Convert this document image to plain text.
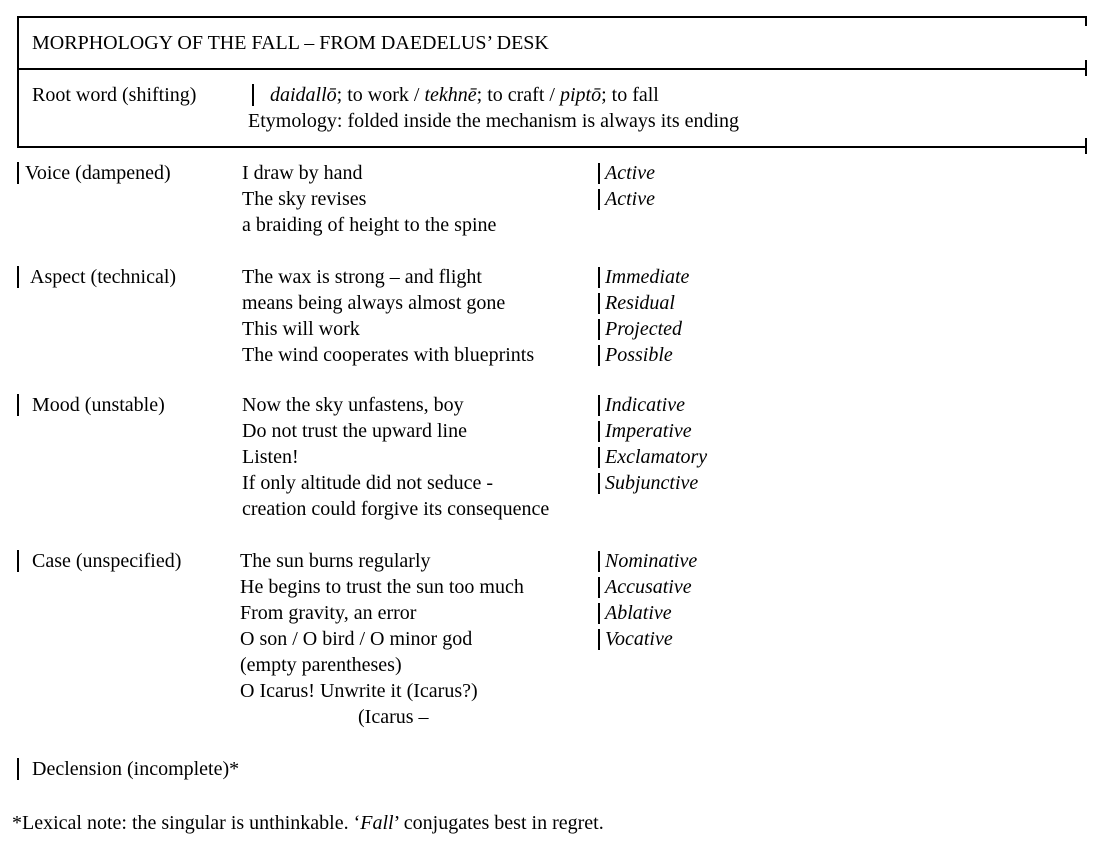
MORPHOLOGY OF THE FALL – FROM DAEDELUS’ DESK
Root word (shifting)	daidallō; to work / tekhnē; to craft / piptō; to fall
Etymology: folded inside the mechanism is always its ending
Voice (dampened)	I draw by hand	Active
The sky revises	Active
a braiding of height to the spine
Aspect (technical)	The wax is strong – and flight	Immediate
means being always almost gone	Residual
This will work	Projected
The wind cooperates with blueprints	Possible
Mood (unstable)	Now the sky unfastens, boy	Indicative
Do not trust the upward line	Imperative
Listen!	Exclamatory
If only altitude did not seduce -	Subjunctive
creation could forgive its consequence
Case (unspecified)	The sun burns regularly	Nominative
He begins to trust the sun too much	Accusative
From gravity, an error	Ablative
O son / O bird / O minor god	Vocative
(empty parentheses)
O Icarus! Unwrite it (Icarus?)
(Icarus –
Declension (incomplete)*
*Lexical note: the singular is unthinkable. ‘Fall’ conjugates best in regret.
